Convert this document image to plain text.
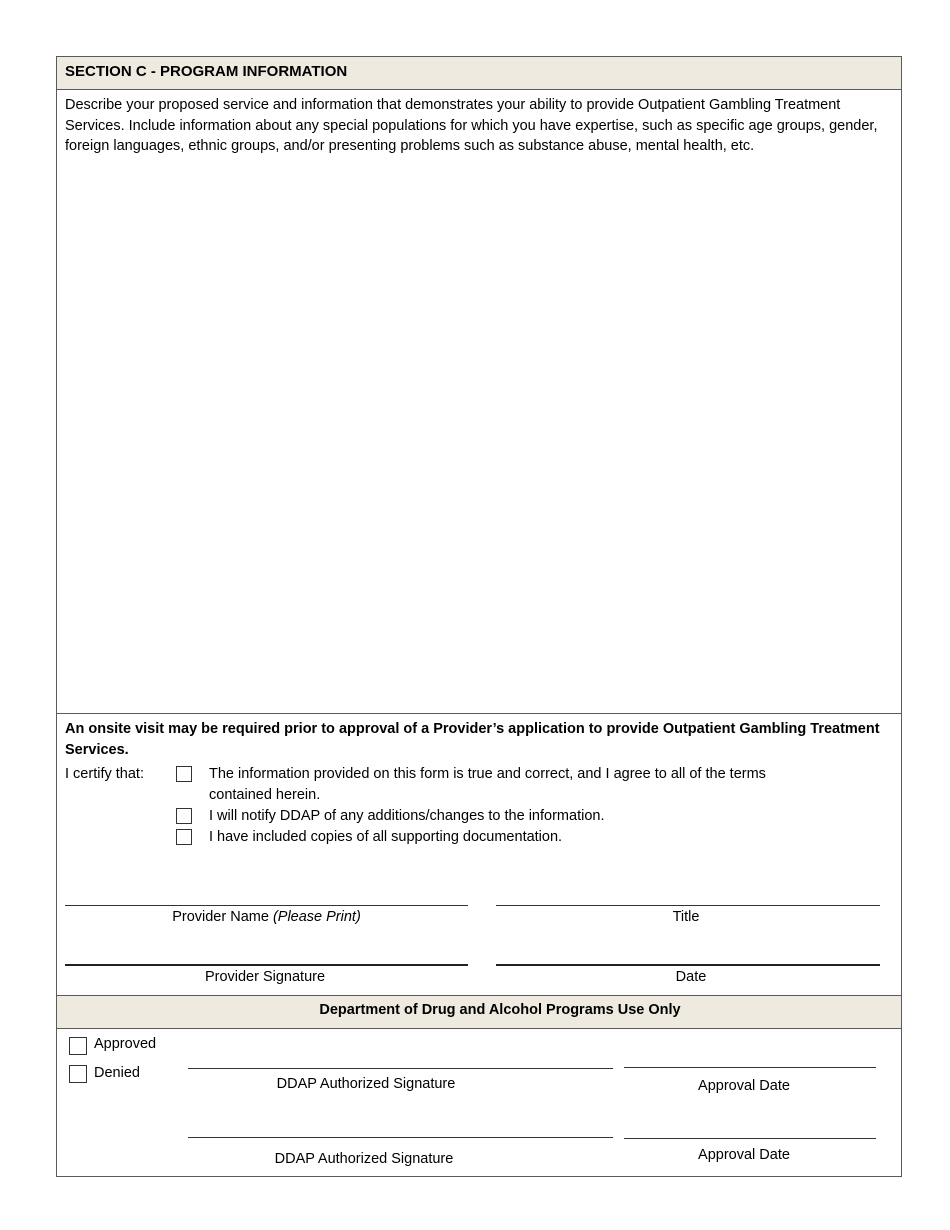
SECTION C - PROGRAM INFORMATION
Describe your proposed service and information that demonstrates your ability to provide Outpatient Gambling Treatment Services. Include information about any special populations for which you have expertise, such as specific age groups, gender, foreign languages, ethnic groups, and/or presenting problems such as substance abuse, mental health, etc.
An onsite visit may be required prior to approval of a Provider’s application to provide Outpatient Gambling Treatment Services.
I certify that:	The information provided on this form is true and correct, and I agree to all of the terms
contained herein.
I will notify DDAP of any additions/changes to the information.
I have included copies of all supporting documentation.
Provider Name (Please Print)	Title
Provider Signature	Date
Department of Drug and Alcohol Programs Use Only
Approved
Denied
DDAP Authorized Signature	Approval Date
DDAP Authorized Signature	Approval Date
